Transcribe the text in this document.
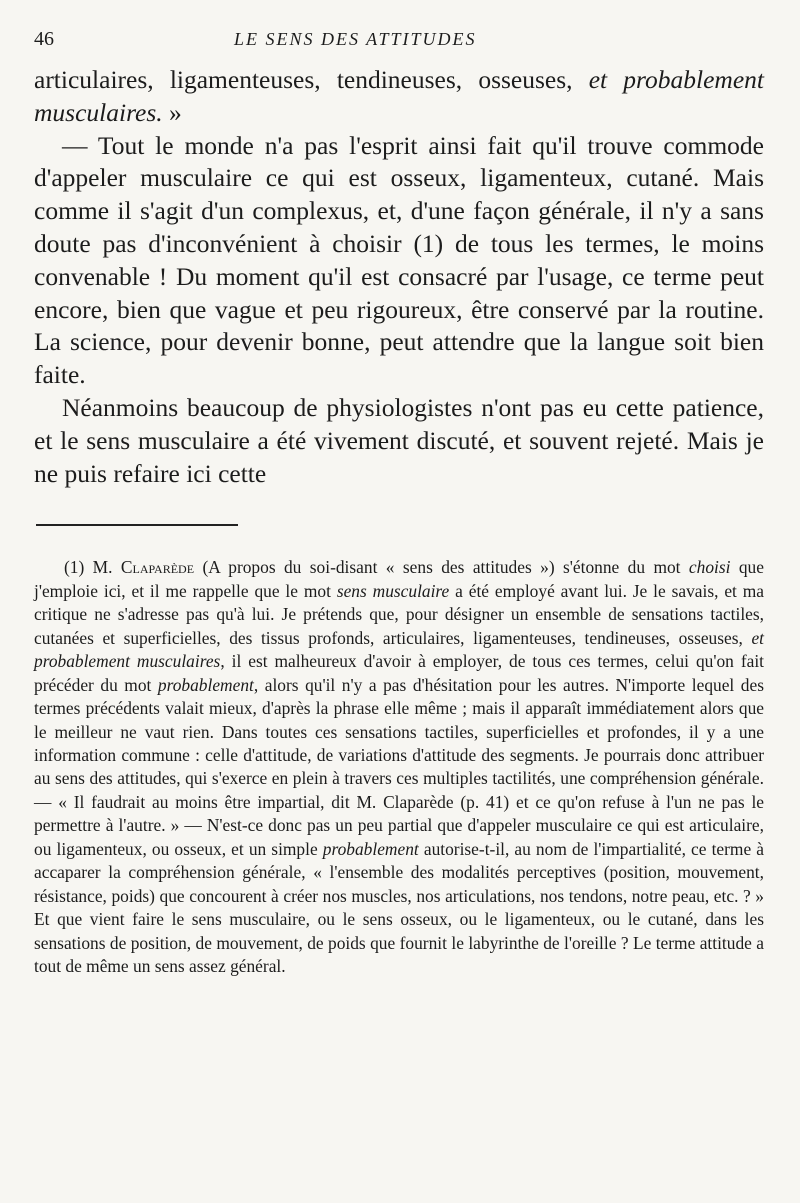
46	LE SENS DES ATTITUDES

articulaires, ligamenteuses, tendineuses, osseuses, et probablement musculaires. »

— Tout le monde n'a pas l'esprit ainsi fait qu'il trouve commode d'appeler musculaire ce qui est osseux, ligamenteux, cutané. Mais comme il s'agit d'un complexus, et, d'une façon générale, il n'y a sans doute pas d'inconvénient à choisir (1) de tous les termes, le moins convenable ! Du moment qu'il est consacré par l'usage, ce terme peut encore, bien que vague et peu rigoureux, être conservé par la routine. La science, pour devenir bonne, peut attendre que la langue soit bien faite.

Néanmoins beaucoup de physiologistes n'ont pas eu cette patience, et le sens musculaire a été vivement discuté, et souvent rejeté. Mais je ne puis refaire ici cette

(1) M. Claparède (A propos du soi-disant « sens des attitudes ») s'étonne du mot choisi que j'emploie ici, et il me rappelle que le mot sens musculaire a été employé avant lui. Je le savais, et ma critique ne s'adresse pas qu'à lui. Je prétends que, pour désigner un ensemble de sensations tactiles, cutanées et superficielles, des tissus profonds, articulaires, ligamenteuses, tendineuses, osseuses, et probablement musculaires, il est malheureux d'avoir à employer, de tous ces termes, celui qu'on fait précéder du mot probablement, alors qu'il n'y a pas d'hésitation pour les autres. N'importe lequel des termes précédents valait mieux, d'après la phrase elle même ; mais il apparaît immédiatement alors que le meilleur ne vaut rien. Dans toutes ces sensations tactiles, superficielles et profondes, il y a une information commune : celle d'attitude, de variations d'attitude des segments. Je pourrais donc attribuer au sens des attitudes, qui s'exerce en plein à travers ces multiples tactilités, une compréhension générale. — « Il faudrait au moins être impartial, dit M. Claparède (p. 41) et ce qu'on refuse à l'un ne pas le permettre à l'autre. » — N'est-ce donc pas un peu partial que d'appeler musculaire ce qui est articulaire, ou ligamenteux, ou osseux, et un simple probablement autorise-t-il, au nom de l'impartialité, ce terme à accaparer la compréhension générale, « l'ensemble des modalités perceptives (position, mouvement, résistance, poids) que concourent à créer nos muscles, nos articulations, nos tendons, notre peau, etc. ? » Et que vient faire le sens musculaire, ou le sens osseux, ou le ligamenteux, ou le cutané, dans les sensations de position, de mouvement, de poids que fournit le labyrinthe de l'oreille ? Le terme attitude a tout de même un sens assez général.
